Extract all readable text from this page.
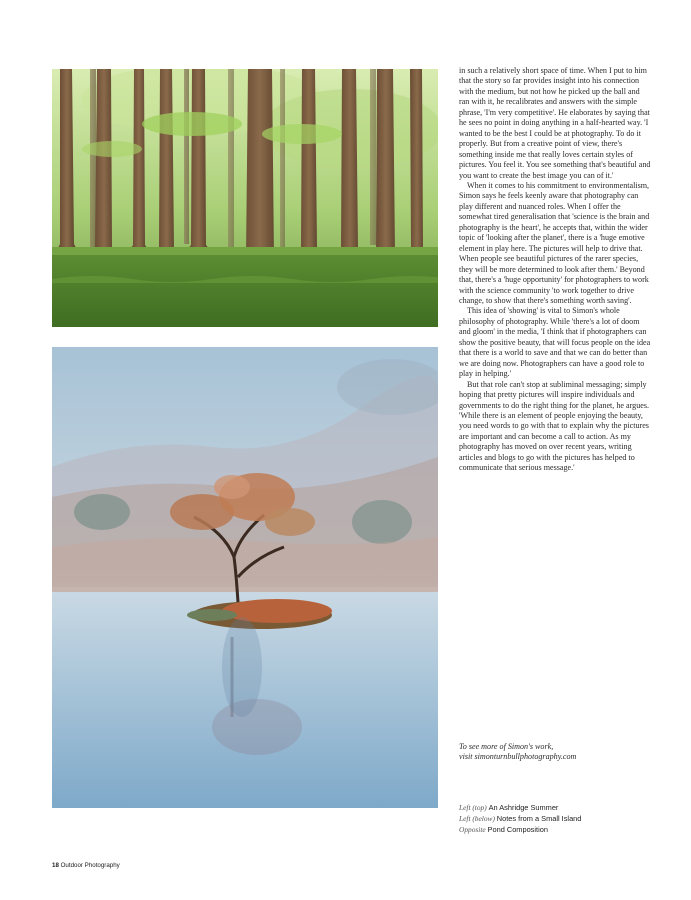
in such a relatively short space of time. When I put to him that the story so far provides insight into his connection with the medium, but not how he picked up the ball and ran with it, he recalibrates and answers with the simple phrase, 'I'm very competitive'. He elaborates by saying that he sees no point in doing anything in a half-hearted way. 'I wanted to be the best I could be at photography. To do it properly. But from a creative point of view, there's something inside me that really loves certain styles of pictures. You feel it. You see something that's beautiful and you want to create the best image you can of it.'

When it comes to his commitment to environmentalism, Simon says he feels keenly aware that photography can play different and nuanced roles. When I offer the somewhat tired generalisation that 'science is the brain and photography is the heart', he accepts that, within the wider topic of 'looking after the planet', there is a 'huge emotive element in play here. The pictures will help to drive that. When people see beautiful pictures of the rarer species, they will be more determined to look after them.' Beyond that, there's a 'huge opportunity' for photographers to work with the science community 'to work together to drive change, to show that there's something worth saving'.

This idea of 'showing' is vital to Simon's whole philosophy of photography. While 'there's a lot of doom and gloom' in the media, 'I think that if photographers can show the positive beauty, that will focus people on the idea that there is a world to save and that we can do better than we are doing now. Photographers can have a good role to play in helping.'

But that role can't stop at subliminal messaging; simply hoping that pretty pictures will inspire individuals and governments to do the right thing for the planet, he argues. 'While there is an element of people enjoying the beauty, you need words to go with that to explain why the pictures are important and can become a call to action. As my photography has moved on over recent years, writing articles and blogs to go with the pictures has helped to communicate that serious message.'

To see more of Simon's work,
visit simonturnbullphotography.com
Left (top) An Ashridge Summer
Left (below) Notes from a Small Island
Opposite Pond Composition
18 Outdoor Photography
